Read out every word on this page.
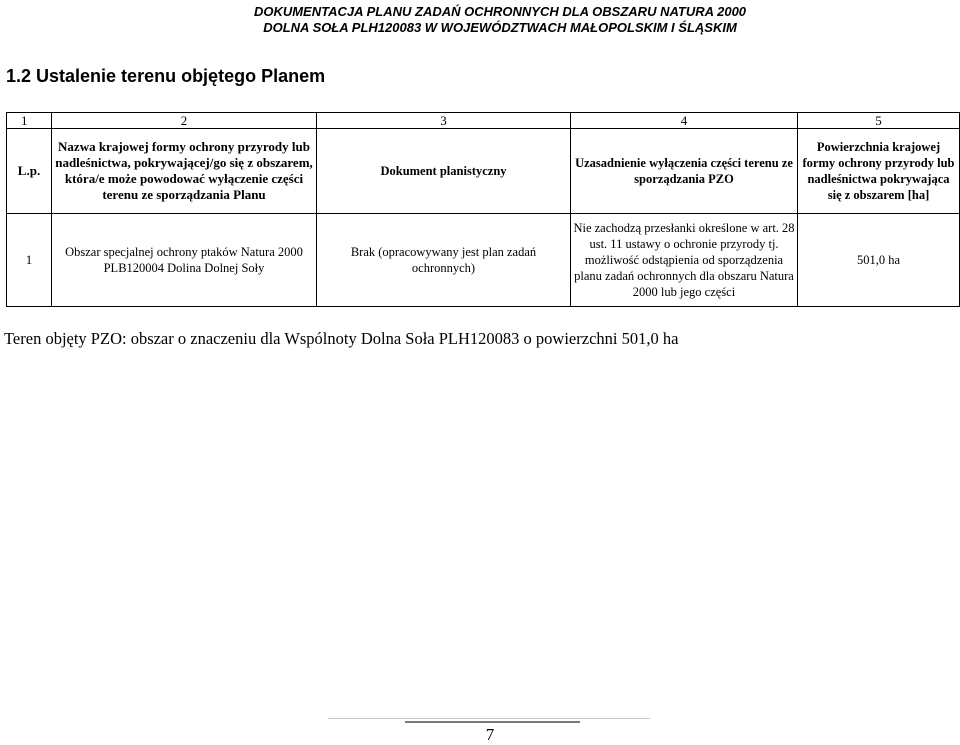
DOKUMENTACJA PLANU ZADAŃ OCHRONNYCH DLA OBSZARU NATURA 2000
DOLNA SOŁA PLH120083 W WOJEWÓDZTWACH MAŁOPOLSKIM I ŚLĄSKIM
1.2 Ustalenie terenu objętego Planem
1	2	3	4	5
L.p.	Nazwa krajowej formy ochrony przyrody lub nadleśnictwa, pokrywającej/go się z obszarem, która/e może powodować wyłączenie części terenu ze sporządzania Planu	Dokument planistyczny	Uzasadnienie wyłączenia części terenu ze sporządzania PZO	Powierzchnia krajowej formy ochrony przyrody lub nadleśnictwa pokrywająca się z obszarem [ha]
1	Obszar specjalnej ochrony ptaków Natura 2000 PLB120004 Dolina Dolnej Soły	Brak (opracowywany jest plan zadań ochronnych)	Nie zachodzą przesłanki określone w art. 28 ust. 11 ustawy o ochronie przyrody tj. możliwość odstąpienia od sporządzenia planu zadań ochronnych dla obszaru Natura 2000 lub jego części	501,0 ha
Teren objęty PZO: obszar o znaczeniu dla Wspólnoty Dolna Soła PLH120083 o powierzchni 501,0 ha
7
